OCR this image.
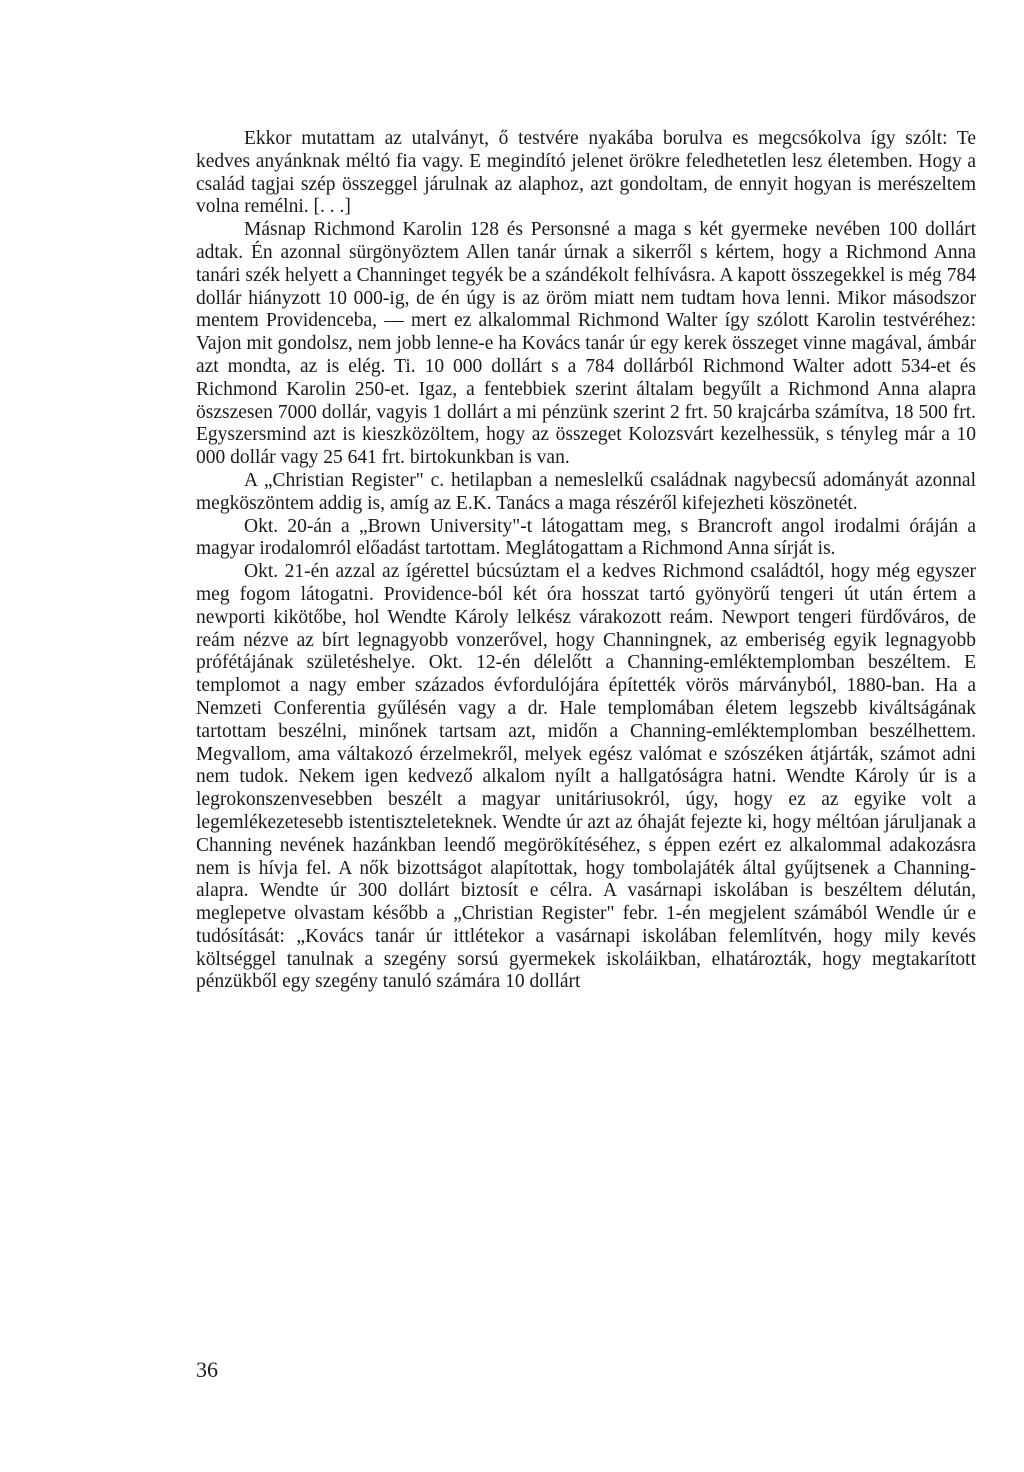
Ekkor mutattam az utalványt, ő testvére nyakába borulva es megcsókolva így szólt: Te kedves anyánknak méltó fia vagy. E megindító jelenet örökre feledhetetlen lesz életemben. Hogy a család tagjai szép összeggel járulnak az alaphoz, azt gondoltam, de ennyit hogyan is merészeltem volna remélni. [. . .]

Másnap Richmond Karolin 128 és Personsné a maga s két gyermeke nevében 100 dollárt adtak. Én azonnal sürgönyöztem Allen tanár úrnak a sikerről s kértem, hogy a Richmond Anna tanári szék helyett a Channinget tegyék be a szándékolt felhívásra. A kapott összegekkel is még 784 dollár hiányzott 10 000-ig, de én úgy is az öröm miatt nem tudtam hova lenni. Mikor másodszor mentem Providenceba, — mert ez alkalommal Richmond Walter így szólott Karolin testvéréhez: Vajon mit gondolsz, nem jobb lenne-e ha Kovács tanár úr egy kerek összeget vinne magával, ámbár azt mondta, az is elég. Ti. 10 000 dollárt s a 784 dollárból Richmond Walter adott 534-et és Richmond Karolin 250-et. Igaz, a fentebbiek szerint általam begyűlt a Richmond Anna alapra öszszesen 7000 dollár, vagyis 1 dollárt a mi pénzünk szerint 2 frt. 50 krajcárba számítva, 18 500 frt. Egyszersmind azt is kieszközöltem, hogy az összeget Kolozsvárt kezelhessük, s tényleg már a 10 000 dollár vagy 25 641 frt. birtokunkban is van.

A „Christian Register" c. hetilapban a nemeslelkű családnak nagybecsű adományát azonnal megköszöntem addig is, amíg az E.K. Tanács a maga részéről kifejezheti köszönetét.

Okt. 20-án a „Brown University"-t látogattam meg, s Brancroft angol irodalmi óráján a magyar irodalomról előadást tartottam. Meglátogattam a Richmond Anna sírját is.

Okt. 21-én azzal az ígérettel búcsúztam el a kedves Richmond családtól, hogy még egyszer meg fogom látogatni. Providence-ból két óra hosszat tartó gyönyörű tengeri út után értem a newporti kikötőbe, hol Wendte Károly lelkész várakozott reám. Newport tengeri fürdőváros, de reám nézve az bírt legnagyobb vonzerővel, hogy Channingnek, az emberiség egyik legnagyobb prófétájának születéshelye. Okt. 12-én délelőtt a Channing-emléktemplomban beszéltem. E templomot a nagy ember százados évfordulójára építették vörös márványból, 1880-ban. Ha a Nemzeti Conferentia gyűlésén vagy a dr. Hale templomában életem legszebb kiváltságának tartottam beszélni, minőnek tartsam azt, midőn a Channing-emléktemplomban beszélhettem. Megvallom, ama váltakozó érzelmekről, melyek egész valómat e szószéken átjárták, számot adni nem tudok. Nekem igen kedvező alkalom nyílt a hallgatóságra hatni. Wendte Károly úr is a legrokonszenvesebben beszélt a magyar unitáriusokról, úgy, hogy ez az egyike volt a legemlékezetesebb istentiszteleteknek. Wendte úr azt az óhaját fejezte ki, hogy méltóan járuljanak a Channing nevének hazánkban leendő megörökítéséhez, s éppen ezért ez alkalommal adakozásra nem is hívja fel. A nők bizottságot alapítottak, hogy tombolajáték által gyűjtsenek a Channing-alapra. Wendte úr 300 dollárt biztosít e célra. A vasárnapi iskolában is beszéltem délután, meglepetve olvastam később a „Christian Register" febr. 1-én megjelent számából Wendle úr e tudósítását: „Kovács tanár úr ittlétekor a vasárnapi iskolában felemlítvén, hogy mily kevés költséggel tanulnak a szegény sorsú gyermekek iskoláikban, elhatározták, hogy megtakarított pénzükből egy szegény tanuló számára 10 dollárt

36
